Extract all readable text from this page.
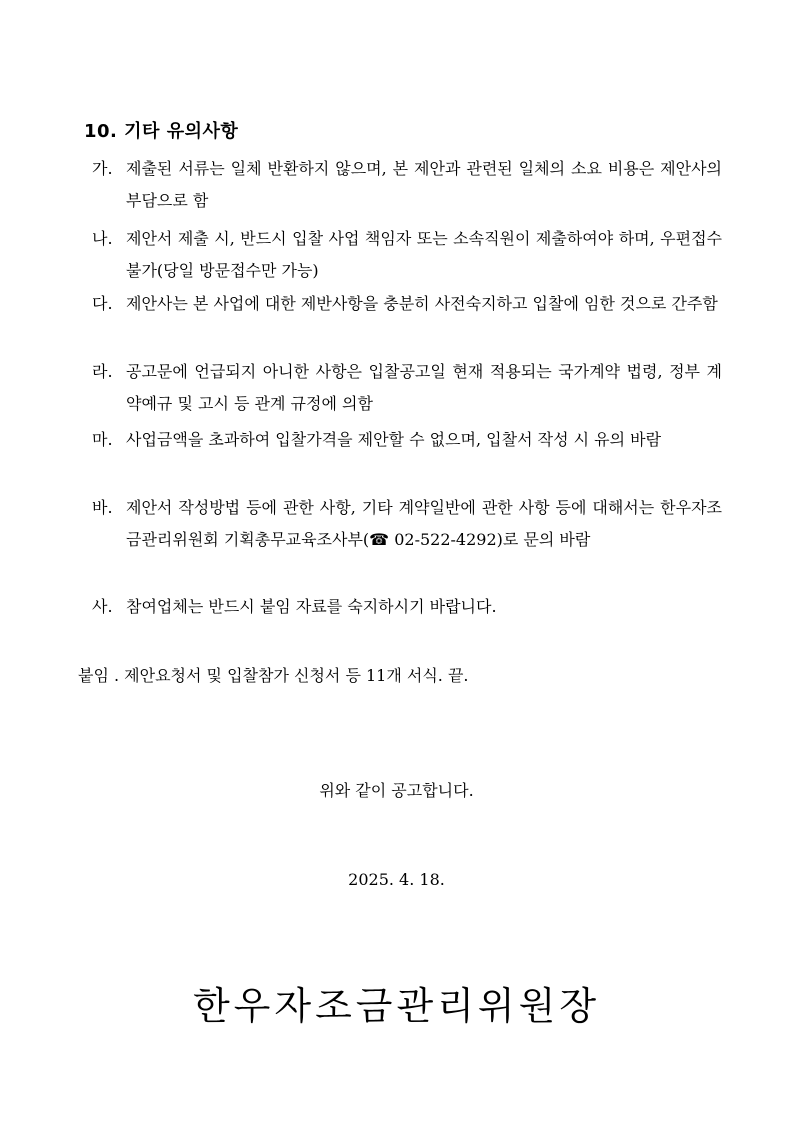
10. 기타 유의사항
가. 제출된 서류는 일체 반환하지 않으며, 본 제안과 관련된 일체의 소요 비용은 제안사의 부담으로 함
나. 제안서 제출 시, 반드시 입찰 사업 책임자 또는 소속직원이 제출하여야 하며, 우편접수 불가(당일 방문접수만 가능)
다. 제안사는 본 사업에 대한 제반사항을 충분히 사전숙지하고 입찰에 임한 것으로 간주함
라. 공고문에 언급되지 아니한 사항은 입찰공고일 현재 적용되는 국가계약 법령, 정부 계약예규 및 고시 등 관계 규정에 의함
마. 사업금액을 초과하여 입찰가격을 제안할 수 없으며, 입찰서 작성 시 유의 바람
바. 제안서 작성방법 등에 관한 사항, 기타 계약일반에 관한 사항 등에 대해서는 한우자조금관리위원회 기획총무교육조사부(☎ 02-522-4292)로 문의 바람
사. 참여업체는 반드시 붙임 자료를 숙지하시기 바랍니다.
붙임 . 제안요청서 및 입찰참가 신청서 등 11개 서식. 끝.
위와 같이 공고합니다.
2025. 4. 18.
한우자조금관리위원장
